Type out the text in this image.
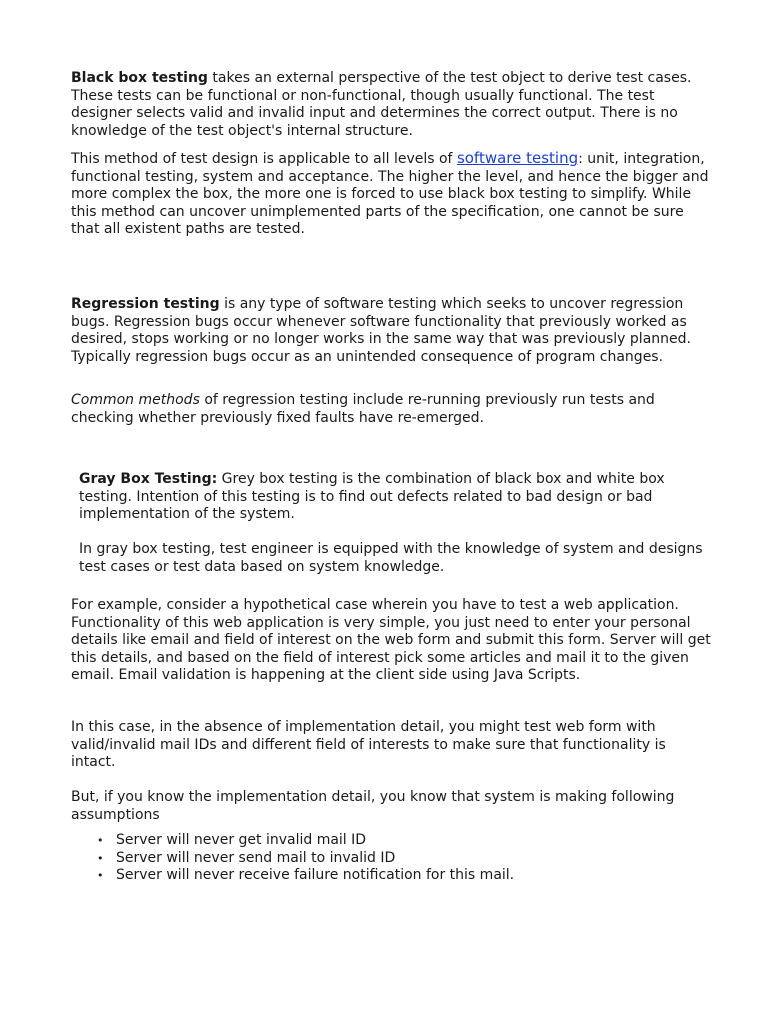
Black box testing takes an external perspective of the test object to derive test cases. These tests can be functional or non-functional, though usually functional. The test designer selects valid and invalid input and determines the correct output. There is no knowledge of the test object's internal structure.

This method of test design is applicable to all levels of software testing: unit, integration, functional testing, system and acceptance. The higher the level, and hence the bigger and more complex the box, the more one is forced to use black box testing to simplify. While this method can uncover unimplemented parts of the specification, one cannot be sure that all existent paths are tested.

Regression testing is any type of software testing which seeks to uncover regression bugs. Regression bugs occur whenever software functionality that previously worked as desired, stops working or no longer works in the same way that was previously planned. Typically regression bugs occur as an unintended consequence of program changes.

Common methods of regression testing include re-running previously run tests and checking whether previously fixed faults have re-emerged.

Gray Box Testing: Grey box testing is the combination of black box and white box testing. Intention of this testing is to find out defects related to bad design or bad implementation of the system.

In gray box testing, test engineer is equipped with the knowledge of system and designs test cases or test data based on system knowledge.

For example, consider a hypothetical case wherein you have to test a web application. Functionality of this web application is very simple, you just need to enter your personal details like email and field of interest on the web form and submit this form. Server will get this details, and based on the field of interest pick some articles and mail it to the given email. Email validation is happening at the client side using Java Scripts.

In this case, in the absence of implementation detail, you might test web form with valid/invalid mail IDs and different field of interests to make sure that functionality is intact.

But, if you know the implementation detail, you know that system is making following assumptions

• Server will never get invalid mail ID
• Server will never send mail to invalid ID
• Server will never receive failure notification for this mail.
